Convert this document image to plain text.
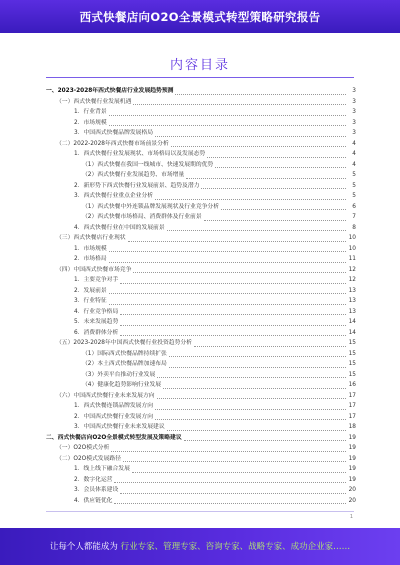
西式快餐店向O2O全景模式转型策略研究报告
内容目录
一、2023-2028年西式快餐店行业发展趋势预测	3
（一）西式快餐行业发展机遇	3
1．行业背景	3
2．市场规模	3
3．中国西式快餐品牌发展格局	3
（二）2022-2028年西式快餐市场前景分析	4
1．西式快餐行业发展现状、市场格局以及发展态势	4
（1）西式快餐在我国一线城市、快速发展期的优势	4
（2）西式快餐行业发展趋势、市场增量	5
2．新形势下西式快餐行业发展前景、趋势及潜力	5
3．西式快餐行业重点企业分析	5
（1）西式快餐中外连锁品牌发展现状及行业竞争分析	6
（2）西式快餐市场格局、消费群体及行业前景	7
4．西式快餐行业在中国的发展前景	8
（三）西式快餐店行业现状	10
1．市场规模	10
2．市场格局	11
（四）中国西式快餐市场竞争	12
1．主要竞争对手	12
2．发展前景	13
3．行业特征	13
4．行业竞争格局	13
5．未来发展趋势	14
6．消费群体分析	14
（五）2023-2028年中国西式快餐行业投资趋势分析	15
（1）国际西式快餐品牌持续扩张	15
（2）本土西式快餐品牌加速布局	15
（3）外卖平台推动行业发展	15
（4）健康化趋势影响行业发展	16
（六）中国西式快餐行业未来发展方向	17
1．西式快餐连锁品牌发展方向	17
2．中国西式快餐行业发展方向	17
3．中国西式快餐行业未来发展建议	18
二、西式快餐店向O2O全景模式转型发展及策略建议	19
（一）O2O模式分析	19
（二）O2O模式发展路径	19
1．线上线下融合发展	19
2．数字化运营	19
3．会员体系建设	20
4．供应链优化	20
1
让每个人都能成为 行业专家、管理专家、咨询专家、战略专家、成功企业家……
